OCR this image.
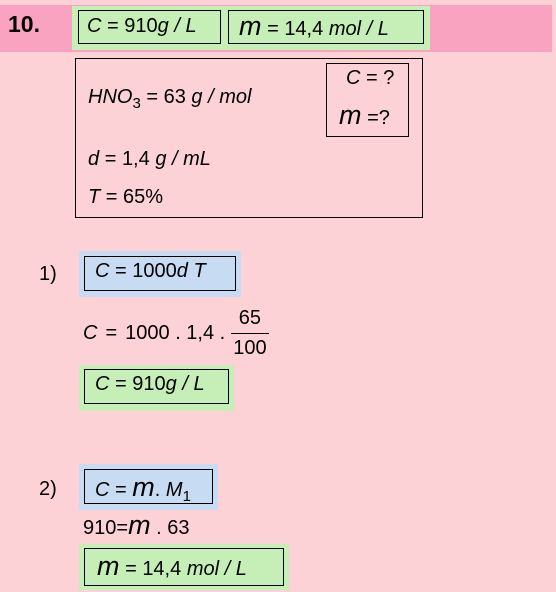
10.	C = 910g / L	m = 14,4 mol / L
$HNO_3 = 63$ g / mol
d = 1,4 g / mL
T = 65%
C = ?
m =?
1)	C = 1000d T
C = 1000 . 1,4 . $\frac{65}{100}$
C = 910g / L
2)	C = m. $M_1$
910=m . 63
m = 14,4 mol / L
